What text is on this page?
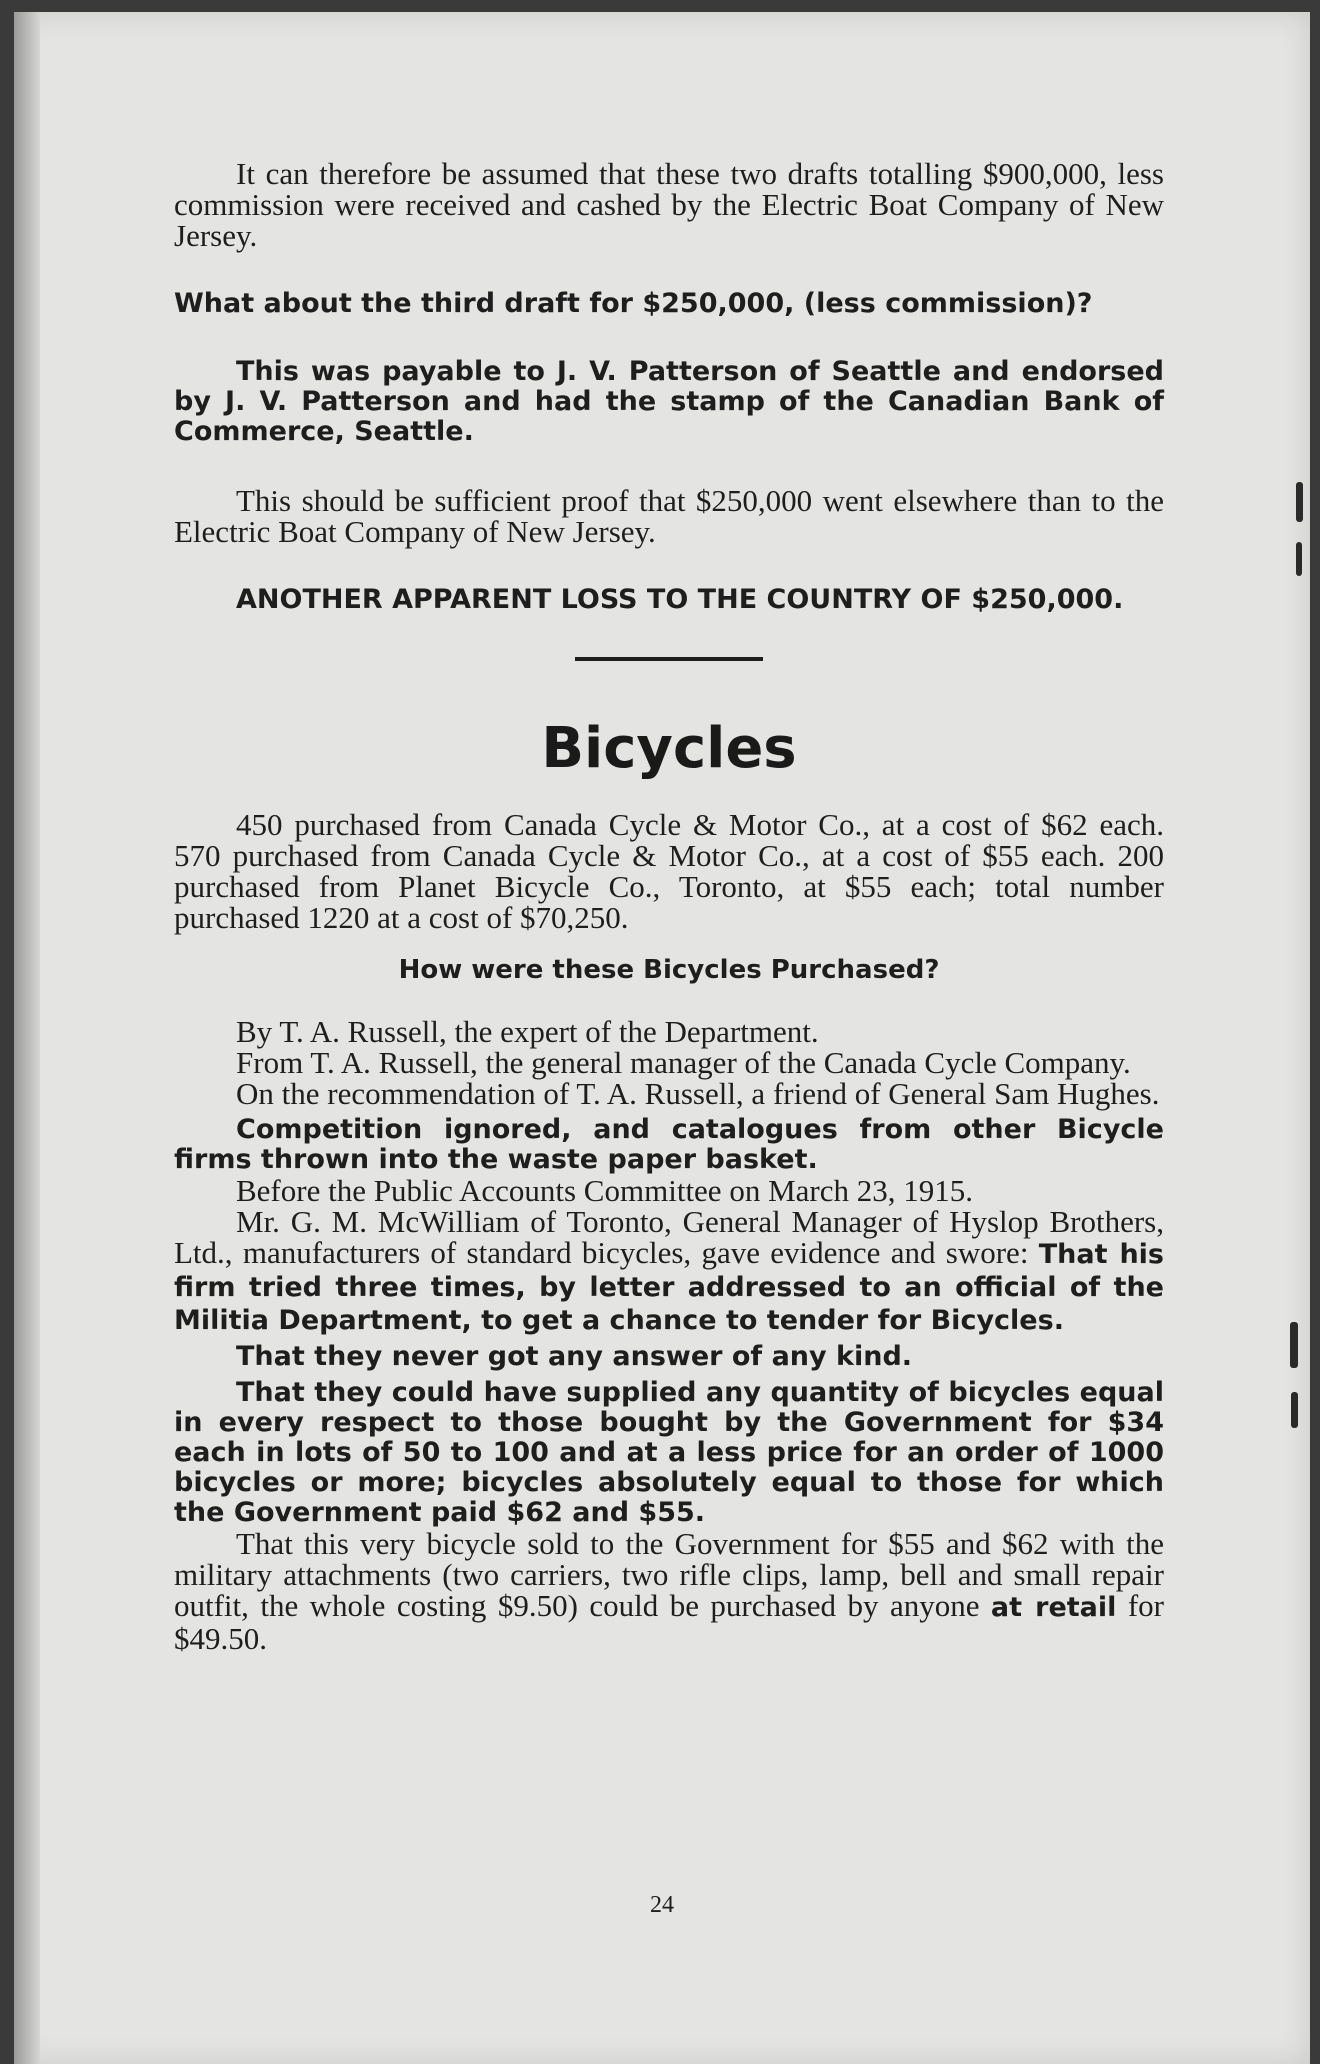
It can therefore be assumed that these two drafts totalling $900,000, less commission were received and cashed by the Electric Boat Company of New Jersey.

What about the third draft for $250,000, (less commission)?

This was payable to J. V. Patterson of Seattle and endorsed by J. V. Patterson and had the stamp of the Canadian Bank of Commerce, Seattle.

This should be sufficient proof that $250,000 went elsewhere than to the Electric Boat Company of New Jersey.

ANOTHER APPARENT LOSS TO THE COUNTRY OF $250,000.

Bicycles

450 purchased from Canada Cycle & Motor Co., at a cost of $62 each. 570 purchased from Canada Cycle & Motor Co., at a cost of $55 each. 200 purchased from Planet Bicycle Co., Toronto, at $55 each; total number purchased 1220 at a cost of $70,250.

How were these Bicycles Purchased?

By T. A. Russell, the expert of the Department.

From T. A. Russell, the general manager of the Canada Cycle Company.

On the recommendation of T. A. Russell, a friend of General Sam Hughes.

Competition ignored, and catalogues from other Bicycle firms thrown into the waste paper basket.

Before the Public Accounts Committee on March 23, 1915.

Mr. G. M. McWilliam of Toronto, General Manager of Hyslop Brothers, Ltd., manufacturers of standard bicycles, gave evidence and swore: That his firm tried three times, by letter addressed to an official of the Militia Department, to get a chance to tender for Bicycles.

That they never got any answer of any kind.

That they could have supplied any quantity of bicycles equal in every respect to those bought by the Government for $34 each in lots of 50 to 100 and at a less price for an order of 1000 bicycles or more; bicycles absolutely equal to those for which the Government paid $62 and $55.

That this very bicycle sold to the Government for $55 and $62 with the military attachments (two carriers, two rifle clips, lamp, bell and small repair outfit, the whole costing $9.50) could be purchased by anyone at retail for $49.50.

24
